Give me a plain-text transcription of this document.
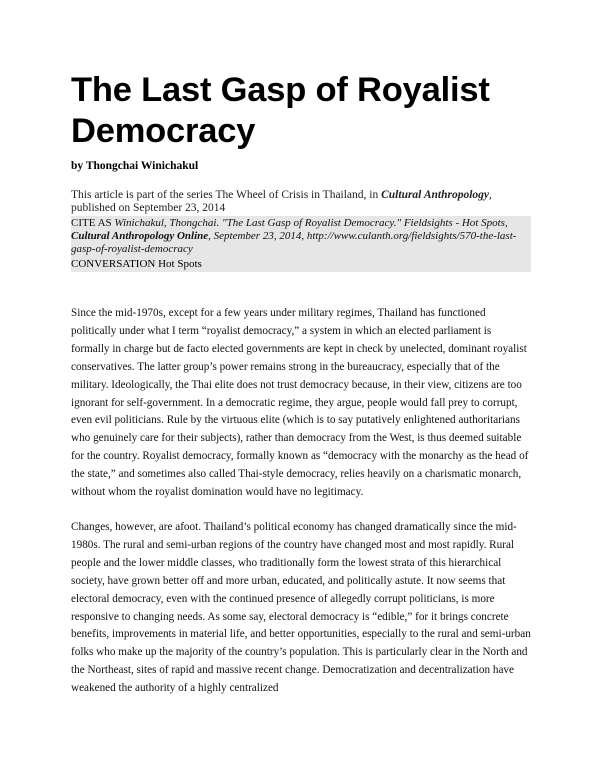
The Last Gasp of Royalist Democracy
by Thongchai Winichakul
This article is part of the series The Wheel of Crisis in Thailand, in Cultural Anthropology, published on September 23, 2014
CITE AS Winichakul, Thongchai. "The Last Gasp of Royalist Democracy." Fieldsights - Hot Spots, Cultural Anthropology Online, September 23, 2014, http://www.culanth.org/fieldsights/570-the-last-gasp-of-royalist-democracy
CONVERSATION Hot Spots

Since the mid-1970s, except for a few years under military regimes, Thailand has functioned politically under what I term “royalist democracy,” a system in which an elected parliament is formally in charge but de facto elected governments are kept in check by unelected, dominant royalist conservatives. The latter group’s power remains strong in the bureaucracy, especially that of the military. Ideologically, the Thai elite does not trust democracy because, in their view, citizens are too ignorant for self-government. In a democratic regime, they argue, people would fall prey to corrupt, even evil politicians. Rule by the virtuous elite (which is to say putatively enlightened authoritarians who genuinely care for their subjects), rather than democracy from the West, is thus deemed suitable for the country. Royalist democracy, formally known as “democracy with the monarchy as the head of the state,” and sometimes also called Thai-style democracy, relies heavily on a charismatic monarch, without whom the royalist domination would have no legitimacy.

Changes, however, are afoot. Thailand’s political economy has changed dramatically since the mid-1980s. The rural and semi-urban regions of the country have changed most and most rapidly. Rural people and the lower middle classes, who traditionally form the lowest strata of this hierarchical society, have grown better off and more urban, educated, and politically astute. It now seems that electoral democracy, even with the continued presence of allegedly corrupt politicians, is more responsive to changing needs. As some say, electoral democracy is “edible,” for it brings concrete benefits, improvements in material life, and better opportunities, especially to the rural and semi-urban folks who make up the majority of the country’s population. This is particularly clear in the North and the Northeast, sites of rapid and massive recent change. Democratization and decentralization have weakened the authority of a highly centralized
